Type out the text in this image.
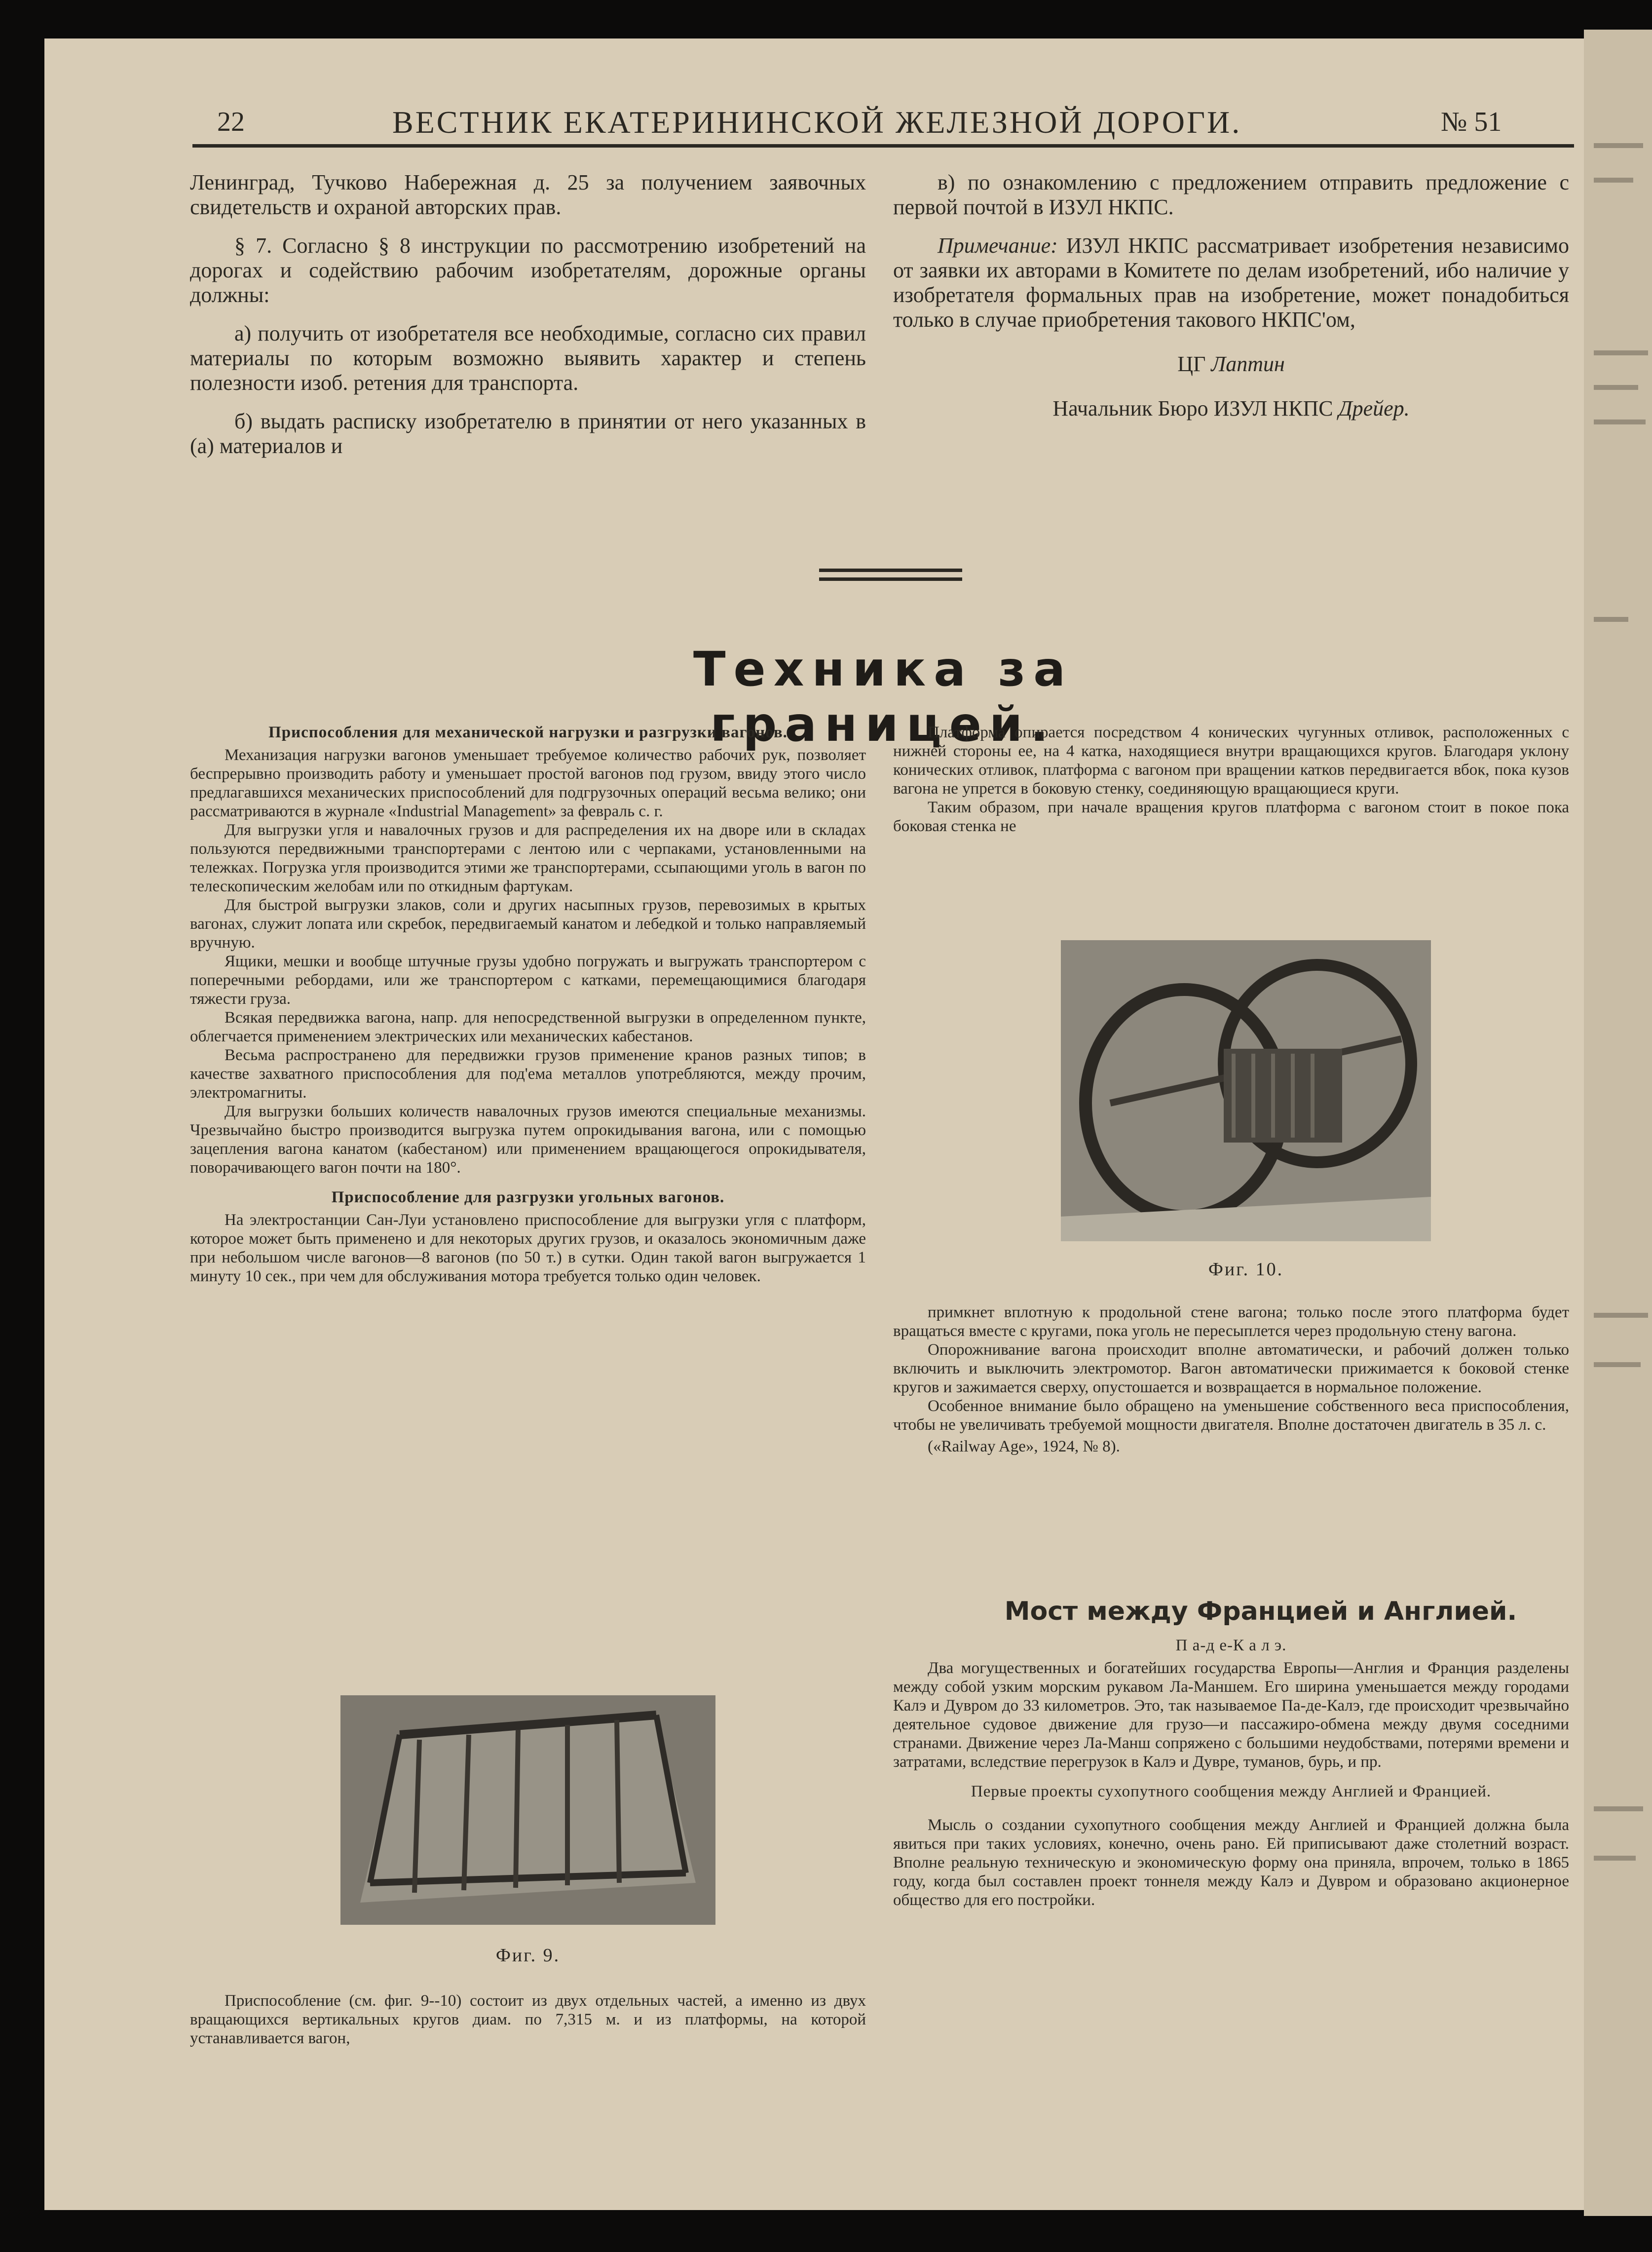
22	ВЕСТНИК ЕКАТЕРИНИНСКОЙ ЖЕЛЕЗНОЙ ДОРОГИ.	№ 51

Ленинград, Тучково Набережная д. 25 за получением заявочных свидетельств и охраной авторских прав.

§ 7. Согласно § 8 инструкции по рассмотрению изобретений на дорогах и содействию рабочим изобретателям, дорожные органы должны:

а) получить от изобретателя все необходимые, согласно сих правил материалы по которым возможно выявить характер и степень полезности изоб. ретения для транспорта.

б) выдать расписку изобретателю в принятии от него указанных в (а) материалов и

в) по ознакомлению с предложением отправить предложение с первой почтой в ИЗУЛ НКПС.

Примечание: ИЗУЛ НКПС рассматривает изобретения независимо от заявки их авторами в Комитете по делам изобретений, ибо наличие у изобретателя формальных прав на изобретение, может понадобиться только в случае приобретения такового НКПС'ом,

ЦГ Лаптин

Начальник Бюро ИЗУЛ НКПС Дрейер.

Техника за границей.
Приспособления для механической нагрузки и разгрузки вагонов.

Механизация нагрузки вагонов уменьшает требуемое количество рабочих рук, позволяет беспрерывно производить работу и уменьшает простой вагонов под грузом, ввиду этого число предлагавшихся механических приспособлений для подгрузочных операций весьма велико; они рассматриваются в журнале «Industrial Management» за февраль с. г.

Для выгрузки угля и навалочных грузов и для распределения их на дворе или в складах пользуются передвижными транспортерами с лентою или с черпаками, установленными на тележках. Погрузка угля производится этими же транспортерами, ссыпающими уголь в вагон по телескопическим желобам или по откидным фартукам.

Для быстрой выгрузки злаков, соли и других насыпных грузов, перевозимых в крытых вагонах, служит лопата или скребок, передвигаемый канатом и лебедкой и только направляемый вручную.

Ящики, мешки и вообще штучные грузы удобно погружать и выгружать транспортером с поперечными ребордами, или же транспортером с катками, перемещающимися благодаря тяжести груза.

Всякая передвижка вагона, напр. для непосредственной выгрузки в определенном пункте, облегчается применением электрических или механических кабестанов.

Весьма распространено для передвижки грузов применение кранов разных типов; в качестве захватного приспособления для под'ема металлов употребляются, между прочим, электромагниты.

Для выгрузки больших количеств навалочных грузов имеются специальные механизмы. Чрезвычайно быстро производится выгрузка путем опрокидывания вагона, или с помощью зацепления вагона канатом (кабестаном) или применением вращающегося опрокидывателя, поворачивающего вагон почти на 180°.

Приспособление для разгрузки угольных вагонов.

На электростанции Сан-Луи установлено приспособление для выгрузки угля с платформ, которое может быть применено и для некоторых других грузов, и оказалось экономичным даже при небольшом числе вагонов—8 вагонов (по 50 т.) в сутки. Один такой вагон выгружается 1 минуту 10 сек., при чем для обслуживания мотора требуется только один человек.

Фиг. 9.

Приспособление (см. фиг. 9--10) состоит из двух отдельных частей, а именно из двух вращающихся вертикальных кругов диам. по 7,315 м. и из платформы, на которой устанавливается вагон,

Платформа опирается посредством 4 конических чугунных отливок, расположенных с нижней стороны ее, на 4 катка, находящиеся внутри вращающихся кругов. Благодаря уклону конических отливок, платформа с вагоном при вращении катков передвигается вбок, пока кузов вагона не упрется в боковую стенку, соединяющую вращающиеся круги.

Таким образом, при начале вращения кругов платформа с вагоном стоит в покое пока боковая стенка не

Фиг. 10.

примкнет вплотную к продольной стене вагона; только после этого платформа будет вращаться вместе с кругами, пока уголь не пересыплется через продольную стену вагона.

Опорожнивание вагона происходит вполне автоматически, и рабочий должен только включить и выключить электромотор. Вагон автоматически прижимается к боковой стенке кругов и зажимается сверху, опустошается и возвращается в нормальное положение.

Особенное внимание было обращено на уменьшение собственного веса приспособления, чтобы не увеличивать требуемой мощности двигателя. Вполне достаточен двигатель в 35 л. с.

(«Railway Age», 1924, № 8).

Мост между Францией и Англией.
П а-д е-К а л э.

Два могущественных и богатейших государства Европы—Англия и Франция разделены между собой узким морским рукавом Ла-Маншем. Его ширина уменьшается между городами Калэ и Дувром до 33 километров. Это, так называемое Па-де-Калэ, где происходит чрезвычайно деятельное судовое движение для грузо—и пассажиро-обмена между двумя соседними странами. Движение через Ла-Манш сопряжено с большими неудобствами, потерями времени и затратами, вследствие перегрузок в Калэ и Дувре, туманов, бурь, и пр.

Первые проекты сухопутного сообщения между Англией и Францией.

Мысль о создании сухопутного сообщения между Англией и Францией должна была явиться при таких условиях, конечно, очень рано. Ей приписывают даже столетний возраст. Вполне реальную техническую и экономическую форму она приняла, впрочем, только в 1865 году, когда был составлен проект тоннеля между Калэ и Дувром и образовано акционерное общество для его постройки.
